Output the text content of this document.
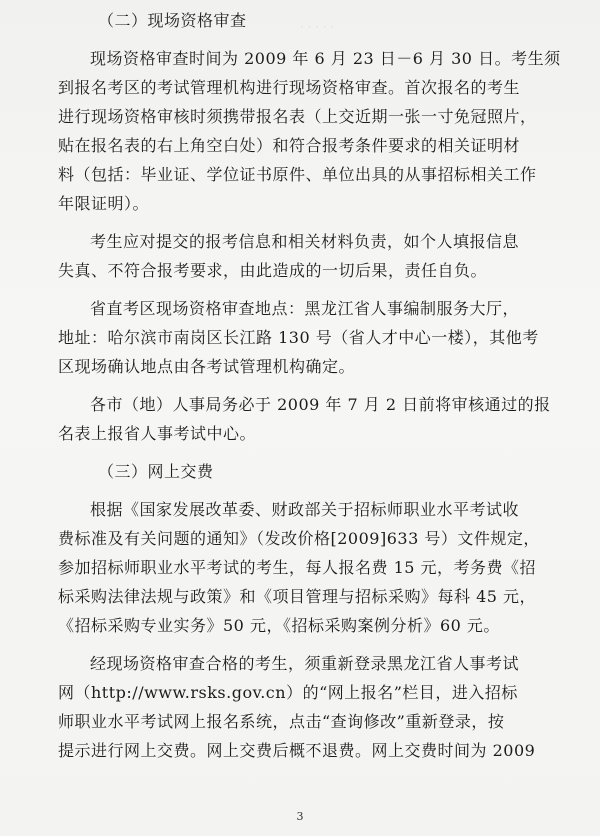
· · · · ·
（二）现场资格审查
现场资格审查时间为 2009 年 6 月 23 日－6 月 30 日。考生须
到报名考区的考试管理机构进行现场资格审查。首次报名的考生
进行现场资格审核时须携带报名表（上交近期一张一寸免冠照片，
贴在报名表的右上角空白处）和符合报考条件要求的相关证明材
料（包括：毕业证、学位证书原件、单位出具的从事招标相关工作
年限证明）。
考生应对提交的报考信息和相关材料负责，如个人填报信息
失真、不符合报考要求，由此造成的一切后果，责任自负。
省直考区现场资格审查地点：黑龙江省人事编制服务大厅，
地址：哈尔滨市南岗区长江路 130 号（省人才中心一楼），其他考
区现场确认地点由各考试管理机构确定。
各市（地）人事局务必于 2009 年 7 月 2 日前将审核通过的报
名表上报省人事考试中心。
（三）网上交费
根据《国家发展改革委、财政部关于招标师职业水平考试收
费标准及有关问题的通知》（发改价格[2009]633 号）文件规定，
参加招标师职业水平考试的考生，每人报名费 15 元，考务费《招
标采购法律法规与政策》和《项目管理与招标采购》每科 45 元，
《招标采购专业实务》50 元，《招标采购案例分析》60 元。
经现场资格审查合格的考生，须重新登录黑龙江省人事考试
网（http://www.rsks.gov.cn）的“网上报名”栏目，进入招标
师职业水平考试网上报名系统，点击“查询修改”重新登录，按
提示进行网上交费。网上交费后概不退费。网上交费时间为 2009
3
